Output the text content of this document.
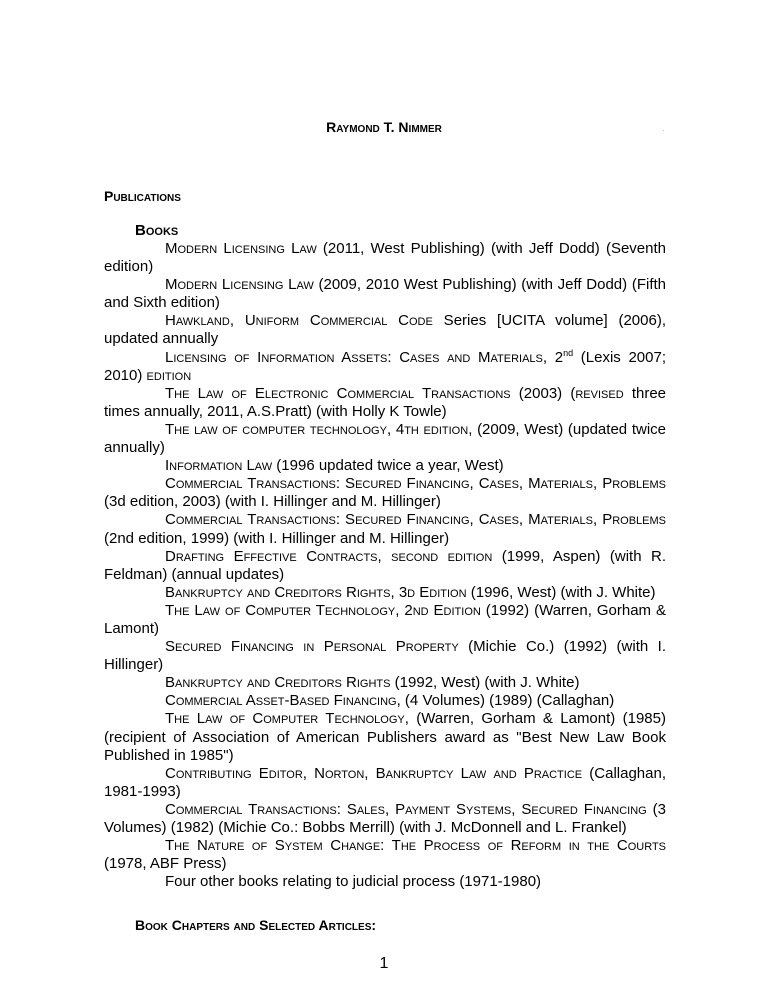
Raymond T. Nimmer
Publications
Books

Modern Licensing Law (2011, West Publishing) (with Jeff Dodd) (Seventh edition)

Modern Licensing Law (2009, 2010 West Publishing) (with Jeff Dodd) (Fifth and Sixth edition)

Hawkland, Uniform Commercial Code Series [UCITA volume] (2006), updated annually

Licensing of Information Assets: Cases and Materials, 2nd (Lexis 2007; 2010) edition

The Law of Electronic Commercial Transactions (2003) (revised three times annually, 2011, A.S.Pratt) (with Holly K Towle)

The law of computer technology, 4th edition, (2009, West) (updated twice annually)

Information Law (1996 updated twice a year, West)

Commercial Transactions: Secured Financing, Cases, Materials, Problems (3d edition, 2003) (with I. Hillinger and M. Hillinger)

Commercial Transactions: Secured Financing, Cases, Materials, Problems (2nd edition, 1999) (with I. Hillinger and M. Hillinger)

Drafting Effective Contracts, second edition (1999, Aspen) (with R. Feldman) (annual updates)

Bankruptcy and Creditors Rights, 3d Edition (1996, West) (with J. White)

The Law of Computer Technology, 2nd Edition (1992) (Warren, Gorham & Lamont)

Secured Financing in Personal Property (Michie Co.) (1992) (with I. Hillinger)

Bankruptcy and Creditors Rights (1992, West) (with J. White)

Commercial Asset-Based Financing, (4 Volumes) (1989) (Callaghan)

The Law of Computer Technology, (Warren, Gorham & Lamont) (1985) (recipient of Association of American Publishers award as "Best New Law Book Published in 1985")

Contributing Editor, Norton, Bankruptcy Law and Practice (Callaghan, 1981-1993)

Commercial Transactions: Sales, Payment Systems, Secured Financing (3 Volumes) (1982) (Michie Co.: Bobbs Merrill) (with J. McDonnell and L. Frankel)

The Nature of System Change: The Process of Reform in the Courts (1978, ABF Press)

Four other books relating to judicial process (1971-1980)

Book Chapters and Selected Articles:
1
